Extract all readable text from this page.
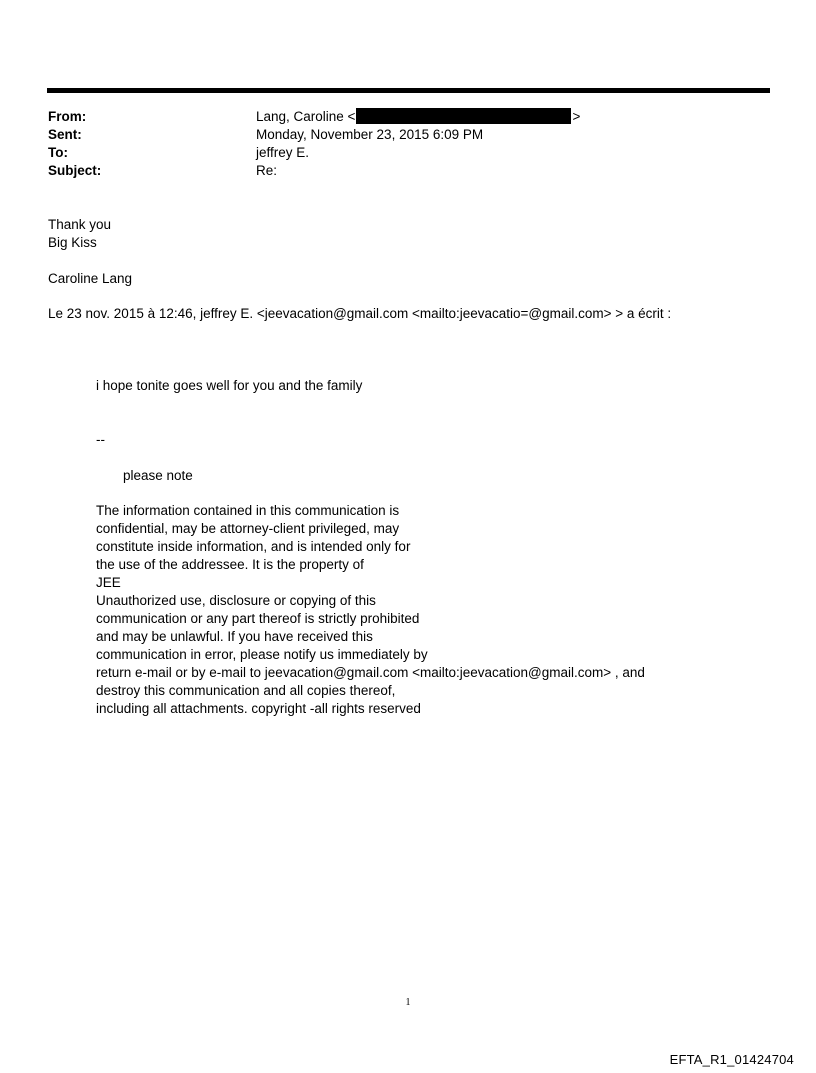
From:	Lang, Caroline <	>
Sent:	Monday, November 23, 2015 6:09 PM
To:	jeffrey E.
Subject:	Re:
Thank you
Big Kiss
Caroline Lang
Le 23 nov. 2015 à 12:46, jeffrey E. <jeevacation@gmail.com <mailto:jeevacatio=@gmail.com> > a écrit :
i hope tonite goes well for you and the family
--
please note
The information contained in this communication is
confidential, may be attorney-client privileged, may
constitute inside information, and is intended only for
the use of the addressee. It is the property of
JEE
Unauthorized use, disclosure or copying of this
communication or any part thereof is strictly prohibited
and may be unlawful. If you have received this
communication in error, please notify us immediately by
return e-mail or by e-mail to jeevacation@gmail.com <mailto:jeevacation@gmail.com> , and
destroy this communication and all copies thereof,
including all attachments. copyright -all rights reserved
1
EFTA_R1_01424704
